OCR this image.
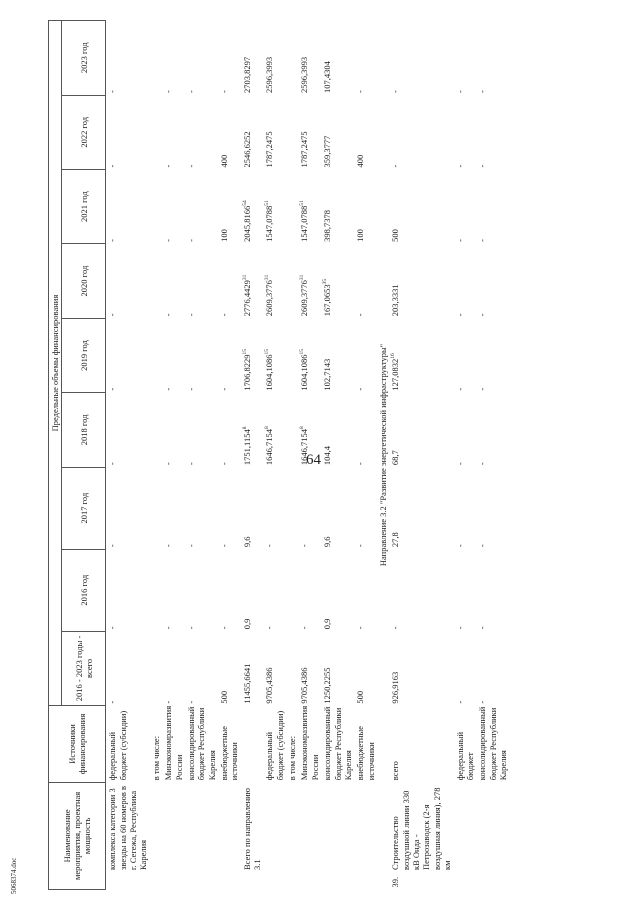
64
5068374.doc
Наименование мероприятия, проектная мощность		Источники финансирования	Предельные объемы финансирования								
			2016 - 2023 годы - всего	2016 год	2017 год	2018 год	2019 год	2020 год	2021 год	2022 год	2023 год
	комплекса категории 3 звезды на 60 номеров в г. Сегежа, Республика Карелия	федеральный бюджет (субсидии)	-	-	-	-	-	-	-	-	-
		в том числе:									
		Минэкономразвития России	-	-	-	-	-	-	-	-	-
		консолидированный бюджет Республики Карелия	-	-	-	-	-	-	-	-	-
		внебюджетные источники	500	-	-	-	-	-	100	400	-
	Всего по направлению 3.1		11455,6641	0,9	9,6	1751,1154$^8$	1706,8229$^{15}$	2776,4429$^{31}$	2045,8166$^{54}$	2546,6252	2703,8297
		федеральный бюджет (субсидии)	9705,4386	-	-	1646,7154$^8$	1604,1086$^{15}$	2609,3776$^{31}$	1547,0788$^{51}$	1787,2475	2596,3993
		в том числе:									
		Минэкономразвития России	9705,4386	-	-	1646,7154$^8$	1604,1086$^{15}$	2609,3776$^{31}$	1547,0788$^{51}$	1787,2475	2596,3993
		консолидированный бюджет Республики Карелия	1250,2255	0,9	9,6	104,4	102,7143	167,0653$^{35}$	398,7378	359,3777	107,4304
		внебюджетные источники	500	-	-	-	-	-	100	400	-
Направление 3.2 "Развитие энергетической инфраструктуры"											
39.	Строительство воздушной линии 330 кВ Онда - Петрозаводск (2-я воздушная линия), 278 км	всего	926,9163	-	27,8	68,7	127,0832$^{16}$	203,3331	500	-	-
		федеральный бюджет	-	-	-	-	-	-	-	-	-
		консолидированный бюджет Республики Карелия	-	-	-	-	-	-	-	-	-
